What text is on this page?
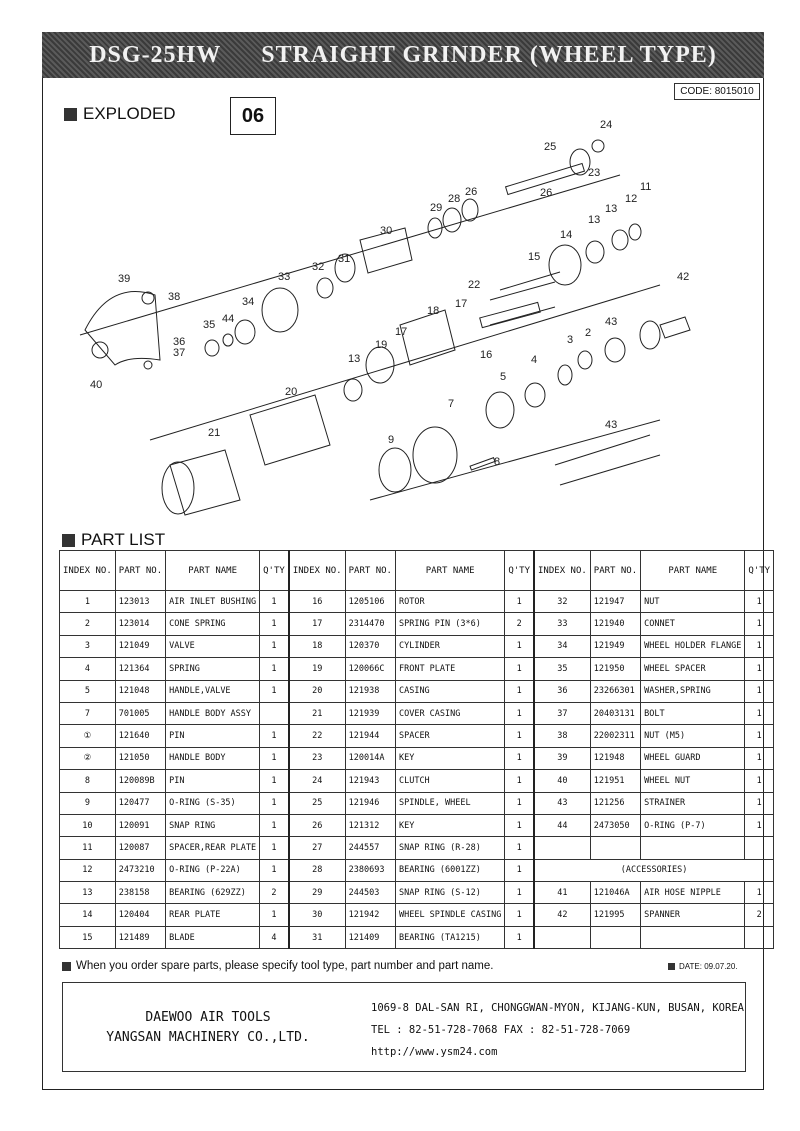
DSG-25HW STRAIGHT GRINDER (WHEEL TYPE)
CODE: 8015010
EXPLODED	06	24
25
23
26	26
28
29
30
31
32
33
34
44
35
39
38
36
37
40
11
12
13
13
14
15
22
17
18
17
19
16
13
20
21
42
43
2
3
4
5
7
8
9
43
PART LIST
INDEX NO.	PART NO.	PART NAME	Q'TY	INDEX NO.	PART NO.	PART NAME	Q'TY	INDEX NO.	PART NO.	PART NAME	Q'TY
1	123013	AIR INLET BUSHING	1	16	1205106	ROTOR	1	32	121947	NUT	1
2	123014	CONE SPRING	1	17	2314470	SPRING PIN (3*6)	2	33	121940	CONNET	1
3	121049	VALVE	1	18	120370	CYLINDER	1	34	121949	WHEEL HOLDER FLANGE	1
4	121364	SPRING	1	19	120066C	FRONT PLATE	1	35	121950	WHEEL SPACER	1
5	121048	HANDLE,VALVE	1	20	121938	CASING	1	36	23266301	WASHER,SPRING	1
7	701005	HANDLE BODY ASSY		21	121939	COVER CASING	1	37	20403131	BOLT	1
①	121640	PIN	1	22	121944	SPACER	1	38	22002311	NUT (M5)	1
②	121050	HANDLE BODY	1	23	120014A	KEY	1	39	121948	WHEEL GUARD	1
8	120089B	PIN	1	24	121943	CLUTCH	1	40	121951	WHEEL NUT	1
9	120477	O-RING (S-35)	1	25	121946	SPINDLE, WHEEL	1	43	121256	STRAINER	1
10	120091	SNAP RING	1	26	121312	KEY	1	44	2473050	O-RING (P-7)	1
11	120087	SPACER,REAR PLATE	1	27	244557	SNAP RING (R-28)	1				
12	2473210	O-RING (P-22A)	1	28	2380693	BEARING (6001ZZ)	1	(ACCESSORIES)			
13	238158	BEARING (629ZZ)	2	29	244503	SNAP RING (S-12)	1	41	121046A	AIR HOSE NIPPLE	1
14	120404	REAR PLATE	1	30	121942	WHEEL SPINDLE CASING	1	42	121995	SPANNER	2
15	121489	BLADE	4	31	121409	BEARING (TA1215)	1				
When you order spare parts, please specify tool type, part number and part name.	DATE: 09.07.20.
DAEWOO AIR TOOLS
YANGSAN MACHINERY CO.,LTD.
1069-8 DAL-SAN RI, CHONGGWAN-MYON, KIJANG-KUN, BUSAN, KOREA
TEL : 82-51-728-7068 FAX : 82-51-728-7069
http://www.ysm24.com
